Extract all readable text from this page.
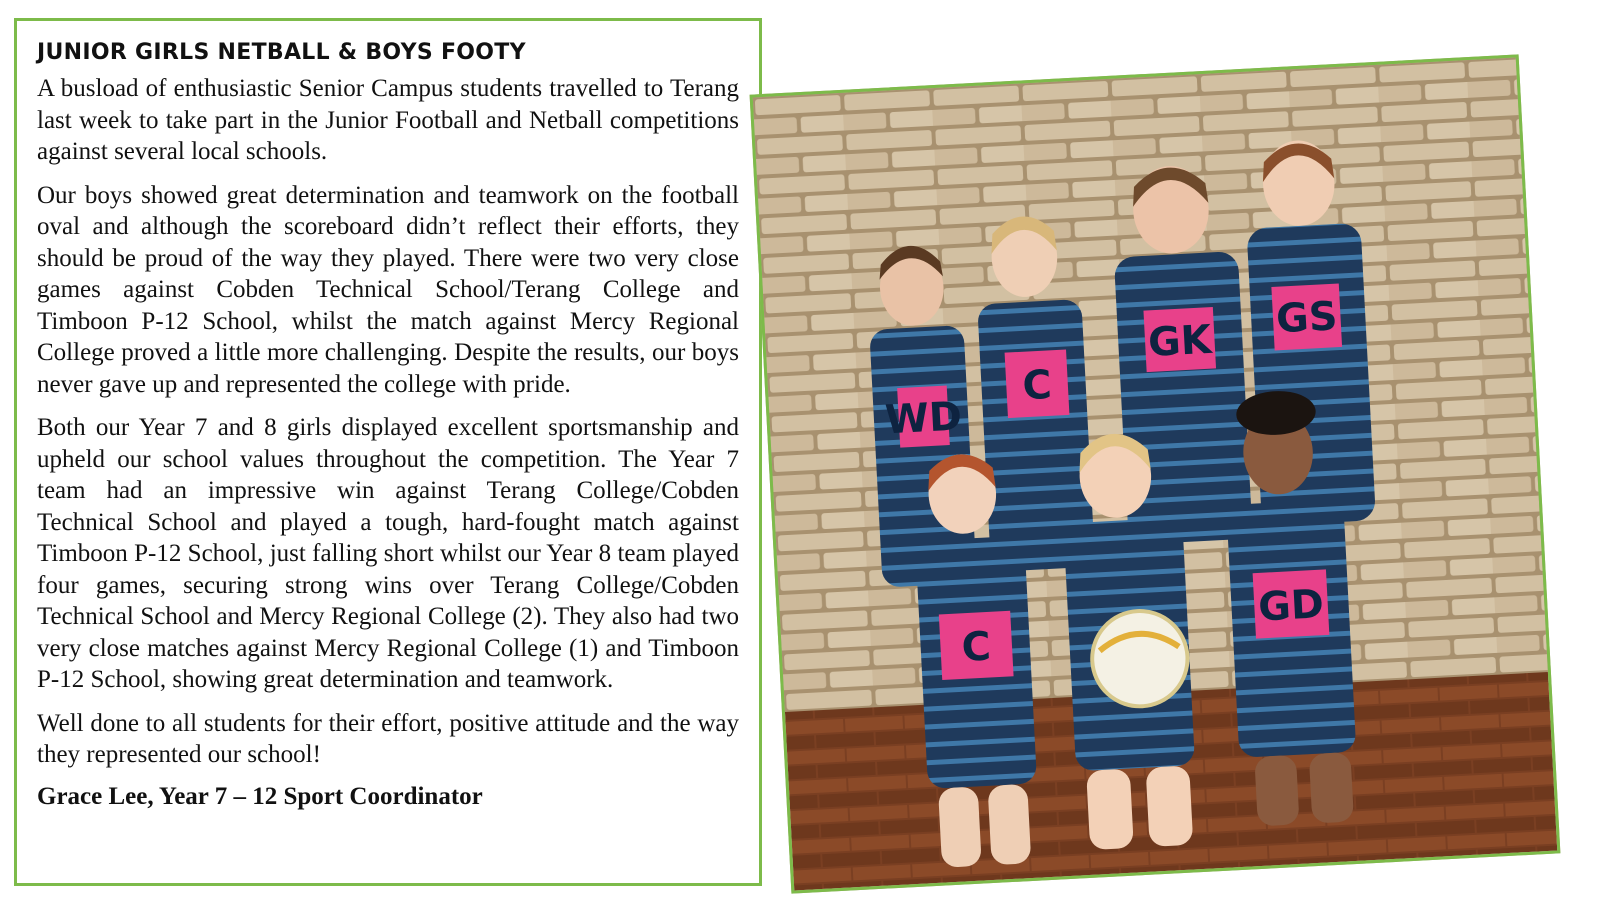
JUNIOR GIRLS NETBALL & BOYS FOOTY

A busload of enthusiastic Senior Campus students travelled to Terang last week to take part in the Junior Football and Netball competitions against several local schools.

Our boys showed great determination and teamwork on the football oval and although the scoreboard didn’t reflect their efforts, they should be proud of the way they played. There were two very close games against Cobden Technical School/Terang College and Timboon P-12 School, whilst the match against Mercy Regional College proved a little more challenging. Despite the results, our boys never gave up and represented the college with pride.

Both our Year 7 and 8 girls displayed excellent sportsmanship and upheld our school values throughout the competition. The Year 7 team had an impressive win against Terang College/Cobden Technical School and played a tough, hard-fought match against Timboon P-12 School, just falling short whilst our Year 8 team played four games, securing strong wins over Terang College/Cobden Technical School and Mercy Regional College (2). They also had two very close matches against Mercy Regional College (1) and Timboon P-12 School, showing great determination and teamwork.

Well done to all students for their effort, positive attitude and the way they represented our school!

Grace Lee, Year 7 – 12 Sport Coordinator
WD
C
GK GS
C
GD
